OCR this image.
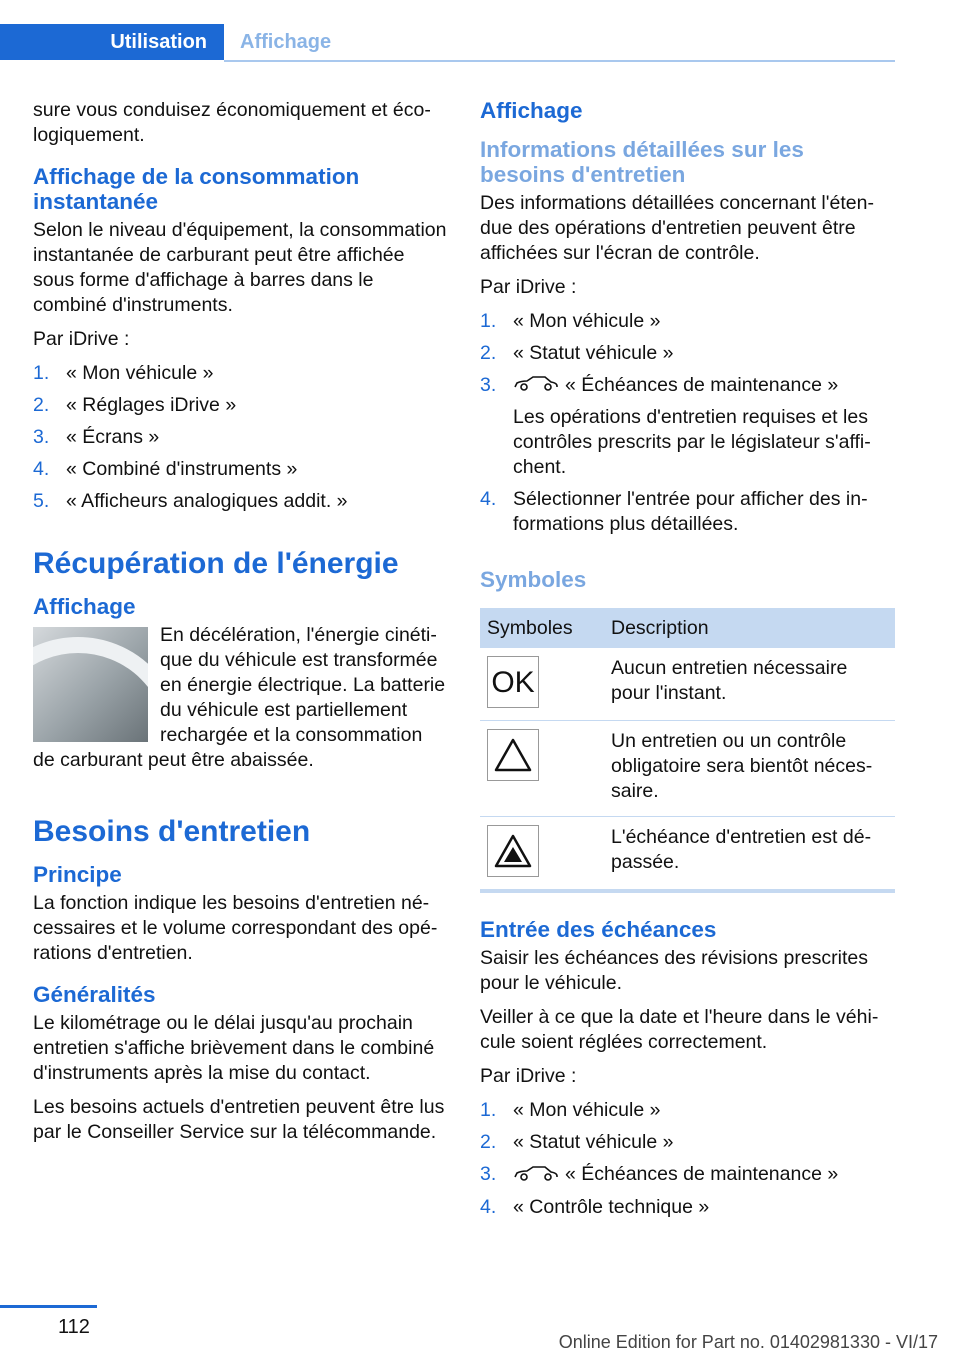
Utilisation	Affichage

sure vous conduisez économiquement et écologiquement.

Affichage de la consommation instantanée

Selon le niveau d'équipement, la consommation instantanée de carburant peut être affichée sous forme d'affichage à barres dans le combiné d'instruments.

Par iDrive :

1. « Mon véhicule »
2. « Réglages iDrive »
3. « Écrans »
4. « Combiné d'instruments »
5. « Afficheurs analogiques addit. »
Récupération de l'énergie
Affichage

En décélération, l'énergie cinétique du véhicule est transformée en énergie électrique. La batterie du véhicule est partiellement rechargée et la consommation de carburant peut être abaissée.

Besoins d'entretien
Principe

La fonction indique les besoins d'entretien nécessaires et le volume correspondant des opérations d'entretien.

Généralités

Le kilométrage ou le délai jusqu'au prochain entretien s'affiche brièvement dans le combiné d'instruments après la mise du contact.

Les besoins actuels d'entretien peuvent être lus par le Conseiller Service sur la télécommande.

Affichage
Informations détaillées sur les besoins d'entretien

Des informations détaillées concernant l'étendue des opérations d'entretien peuvent être affichées sur l'écran de contrôle.

Par iDrive :

1. « Mon véhicule »
2. « Statut véhicule »
3.	« Échéances de maintenance »
Les opérations d'entretien requises et les contrôles prescrits par le législateur s'affichent.
4. Sélectionner l'entrée pour afficher des informations plus détaillées.
Symboles
Symboles	Description

OK	Aucun entretien nécessaire pour l'instant.

	Un entretien ou un contrôle obligatoire sera bientôt nécessaire.

	L'échéance d'entretien est dépassée.
Entrée des échéances

Saisir les échéances des révisions prescrites pour le véhicule.

Veiller à ce que la date et l'heure dans le véhicule soient réglées correctement.

Par iDrive :

1. « Mon véhicule »
2. « Statut véhicule »
3.	« Échéances de maintenance »
4. « Contrôle technique »
112
Online Edition for Part no. 01402981330 - VI/17
